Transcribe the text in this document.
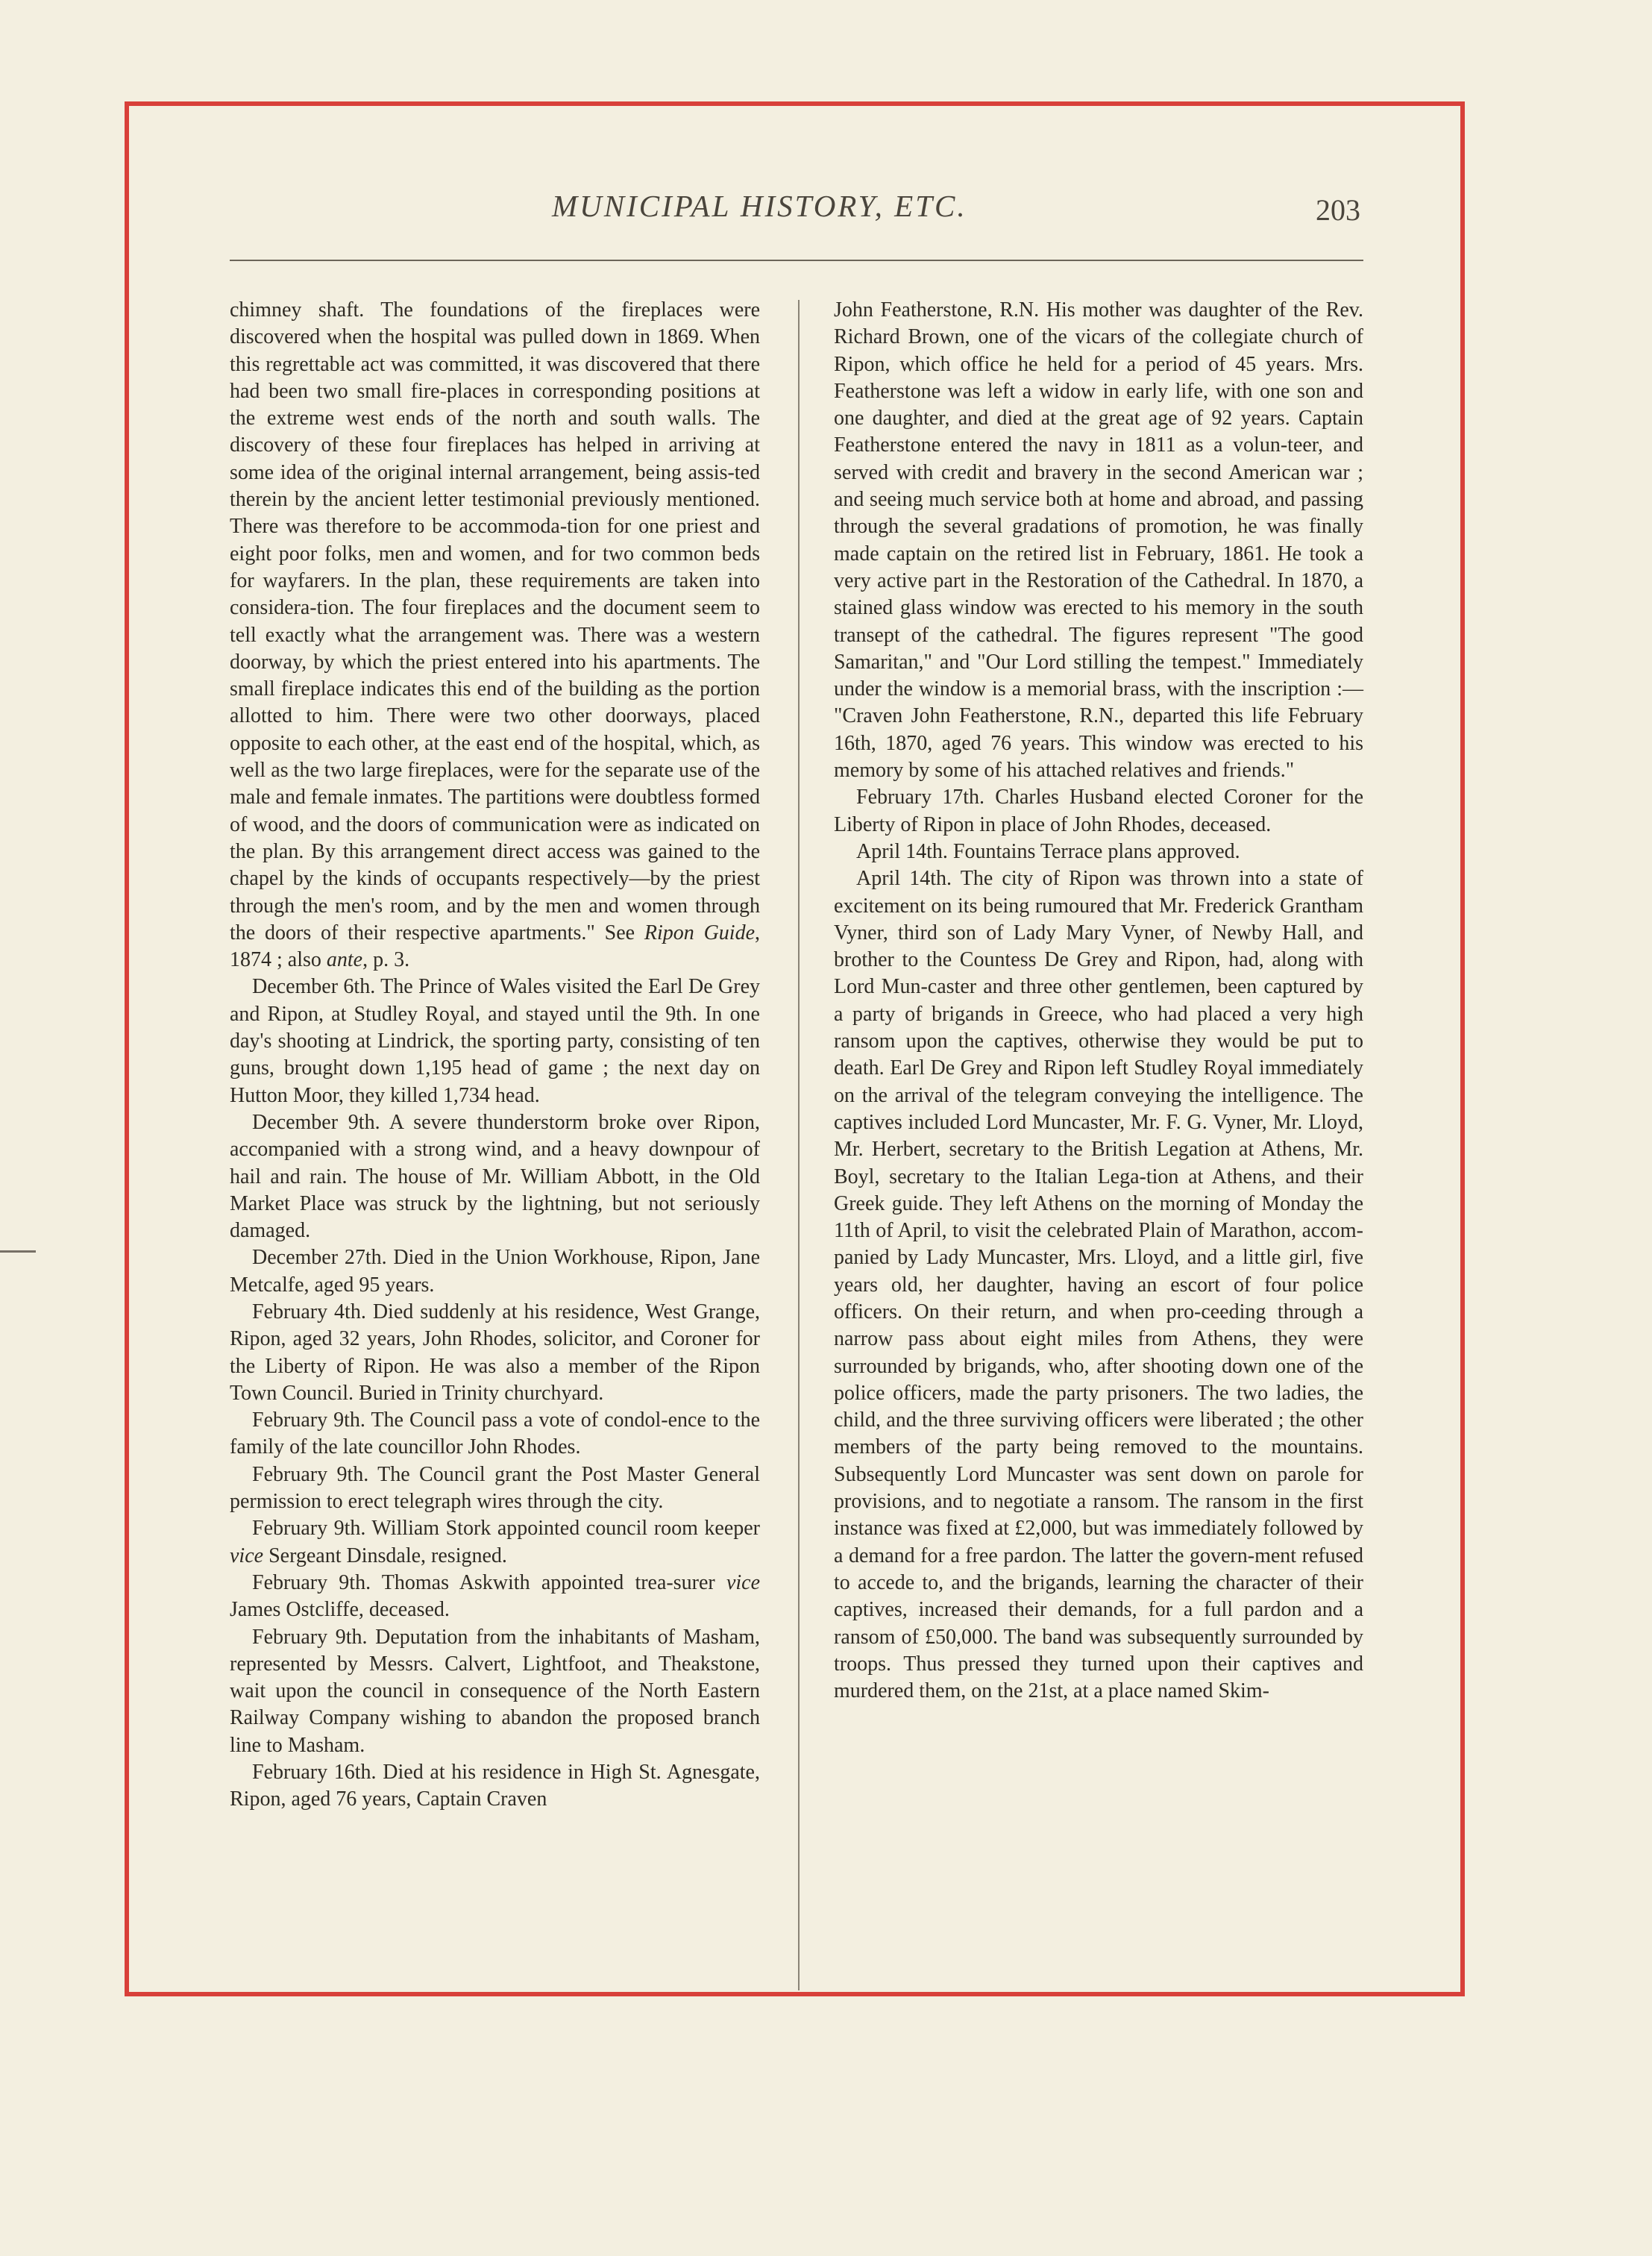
MUNICIPAL HISTORY, ETC.	203

chimney shaft. The foundations of the fireplaces were discovered when the hospital was pulled down in 1869. When this regrettable act was committed, it was discovered that there had been two small fire-places in corresponding positions at the extreme west ends of the north and south walls. The discovery of these four fireplaces has helped in arriving at some idea of the original internal arrangement, being assis-ted therein by the ancient letter testimonial previously mentioned. There was therefore to be accommoda-tion for one priest and eight poor folks, men and women, and for two common beds for wayfarers. In the plan, these requirements are taken into considera-tion. The four fireplaces and the document seem to tell exactly what the arrangement was. There was a western doorway, by which the priest entered into his apartments. The small fireplace indicates this end of the building as the portion allotted to him. There were two other doorways, placed opposite to each other, at the east end of the hospital, which, as well as the two large fireplaces, were for the separate use of the male and female inmates. The partitions were doubtless formed of wood, and the doors of communication were as indicated on the plan. By this arrangement direct access was gained to the chapel by the kinds of occupants respectively—by the priest through the men's room, and by the men and women through the doors of their respective apartments." See Ripon Guide, 1874 ; also ante, p. 3.

December 6th. The Prince of Wales visited the Earl De Grey and Ripon, at Studley Royal, and stayed until the 9th. In one day's shooting at Lindrick, the sporting party, consisting of ten guns, brought down 1,195 head of game ; the next day on Hutton Moor, they killed 1,734 head.

December 9th. A severe thunderstorm broke over Ripon, accompanied with a strong wind, and a heavy downpour of hail and rain. The house of Mr. William Abbott, in the Old Market Place was struck by the lightning, but not seriously damaged.

December 27th. Died in the Union Workhouse, Ripon, Jane Metcalfe, aged 95 years.

February 4th. Died suddenly at his residence, West Grange, Ripon, aged 32 years, John Rhodes, solicitor, and Coroner for the Liberty of Ripon. He was also a member of the Ripon Town Council. Buried in Trinity churchyard.

February 9th. The Council pass a vote of condol-ence to the family of the late councillor John Rhodes.

February 9th. The Council grant the Post Master General permission to erect telegraph wires through the city.

February 9th. William Stork appointed council room keeper vice Sergeant Dinsdale, resigned.

February 9th. Thomas Askwith appointed trea-surer vice James Ostcliffe, deceased.

February 9th. Deputation from the inhabitants of Masham, represented by Messrs. Calvert, Lightfoot, and Theakstone, wait upon the council in consequence of the North Eastern Railway Company wishing to abandon the proposed branch line to Masham.

February 16th. Died at his residence in High St. Agnesgate, Ripon, aged 76 years, Captain Craven

John Featherstone, R.N. His mother was daughter of the Rev. Richard Brown, one of the vicars of the collegiate church of Ripon, which office he held for a period of 45 years. Mrs. Featherstone was left a widow in early life, with one son and one daughter, and died at the great age of 92 years. Captain Featherstone entered the navy in 1811 as a volun-teer, and served with credit and bravery in the second American war ; and seeing much service both at home and abroad, and passing through the several gradations of promotion, he was finally made captain on the retired list in February, 1861. He took a very active part in the Restoration of the Cathedral. In 1870, a stained glass window was erected to his memory in the south transept of the cathedral. The figures represent "The good Samaritan," and "Our Lord stilling the tempest." Immediately under the window is a memorial brass, with the inscription :— "Craven John Featherstone, R.N., departed this life February 16th, 1870, aged 76 years. This window was erected to his memory by some of his attached relatives and friends."

February 17th. Charles Husband elected Coroner for the Liberty of Ripon in place of John Rhodes, deceased.

April 14th. Fountains Terrace plans approved.

April 14th. The city of Ripon was thrown into a state of excitement on its being rumoured that Mr. Frederick Grantham Vyner, third son of Lady Mary Vyner, of Newby Hall, and brother to the Countess De Grey and Ripon, had, along with Lord Mun-caster and three other gentlemen, been captured by a party of brigands in Greece, who had placed a very high ransom upon the captives, otherwise they would be put to death. Earl De Grey and Ripon left Studley Royal immediately on the arrival of the telegram conveying the intelligence. The captives included Lord Muncaster, Mr. F. G. Vyner, Mr. Lloyd, Mr. Herbert, secretary to the British Legation at Athens, Mr. Boyl, secretary to the Italian Lega-tion at Athens, and their Greek guide. They left Athens on the morning of Monday the 11th of April, to visit the celebrated Plain of Marathon, accom-panied by Lady Muncaster, Mrs. Lloyd, and a little girl, five years old, her daughter, having an escort of four police officers. On their return, and when pro-ceeding through a narrow pass about eight miles from Athens, they were surrounded by brigands, who, after shooting down one of the police officers, made the party prisoners. The two ladies, the child, and the three surviving officers were liberated ; the other members of the party being removed to the mountains. Subsequently Lord Muncaster was sent down on parole for provisions, and to negotiate a ransom. The ransom in the first instance was fixed at £2,000, but was immediately followed by a demand for a free pardon. The latter the govern-ment refused to accede to, and the brigands, learning the character of their captives, increased their demands, for a full pardon and a ransom of £50,000. The band was subsequently surrounded by troops. Thus pressed they turned upon their captives and murdered them, on the 21st, at a place named Skim-
